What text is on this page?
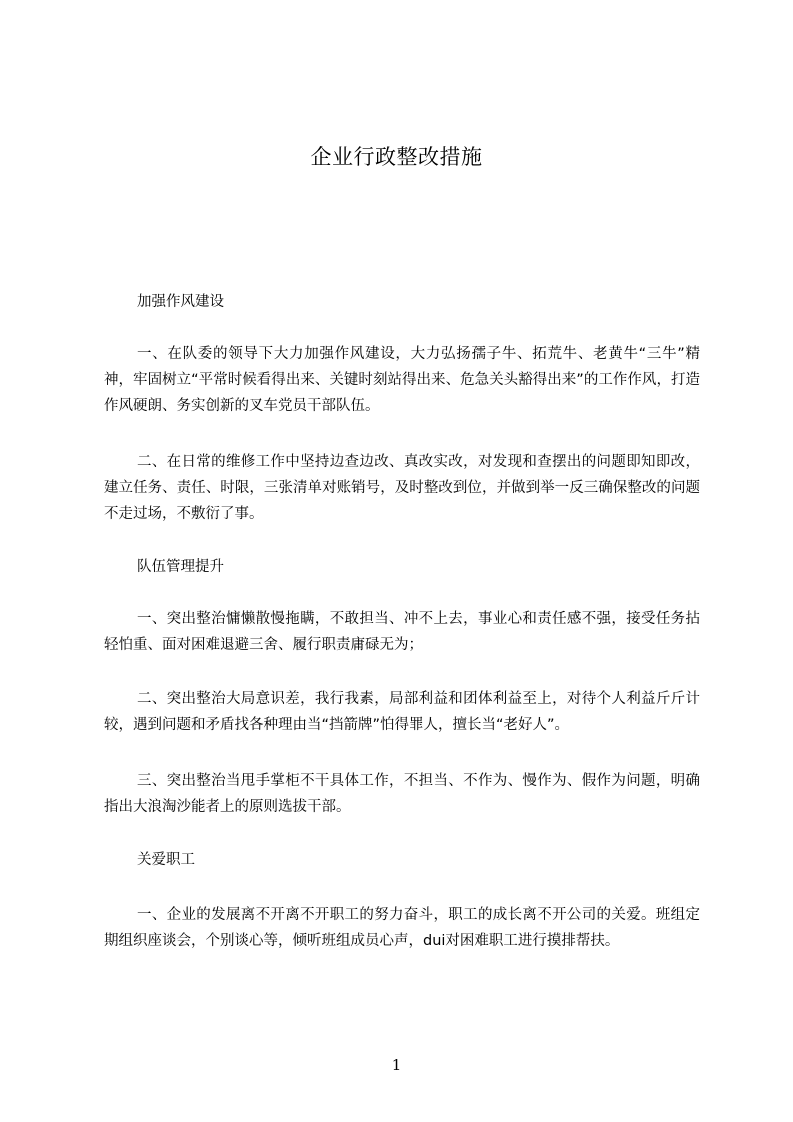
企业行政整改措施
加强作风建设

一、在队委的领导下大力加强作风建设，大力弘扬孺子牛、拓荒牛、老黄牛“三牛”精神，牢固树立“平常时候看得出来、关键时刻站得出来、危急关头豁得出来”的工作作风，打造作风硬朗、务实创新的叉车党员干部队伍。

二、在日常的维修工作中坚持边查边改、真改实改，对发现和查摆出的问题即知即改，建立任务、责任、时限，三张清单对账销号，及时整改到位，并做到举一反三确保整改的问题不走过场，不敷衍了事。

队伍管理提升

一、突出整治慵懒散慢拖瞒，不敢担当、冲不上去，事业心和责任感不强，接受任务拈轻怕重、面对困难退避三舍、履行职责庸碌无为；

二、突出整治大局意识差，我行我素，局部利益和团体利益至上，对待个人利益斤斤计较，遇到问题和矛盾找各种理由当“挡箭牌”怕得罪人，擅长当“老好人”。

三、突出整治当甩手掌柜不干具体工作，不担当、不作为、慢作为、假作为问题，明确指出大浪淘沙能者上的原则选拔干部。

关爱职工

一、企业的发展离不开离不开职工的努力奋斗，职工的成长离不开公司的关爱。班组定期组织座谈会，个别谈心等，倾听班组成员心声，dui对困难职工进行摸排帮扶。

1
